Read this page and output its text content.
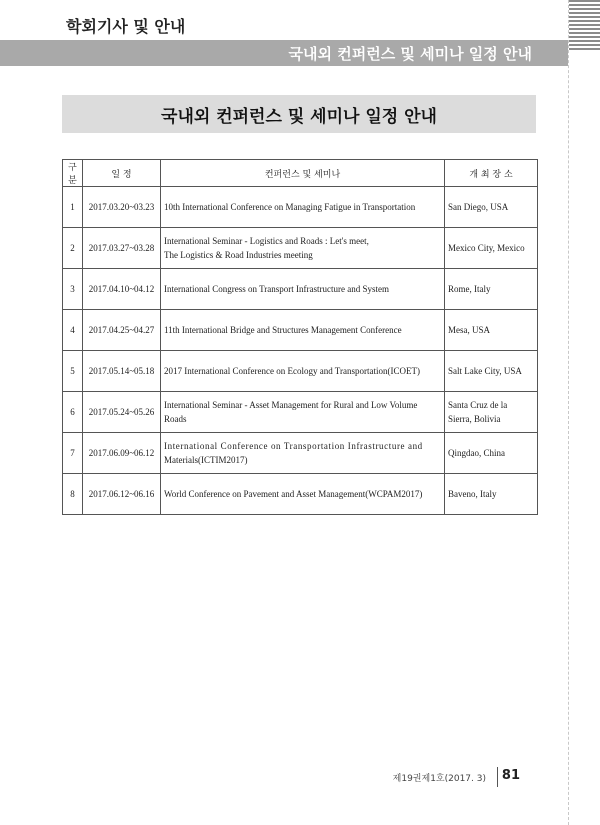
학회기사 및 안내
국내외 컨퍼런스 및 세미나 일정 안내
국내외 컨퍼런스 및 세미나 일정 안내
구분	일 정	컨퍼런스 및 세미나	개 최 장 소
1	2017.03.20~03.23	10th International Conference on Managing Fatigue in Transportation	San Diego, USA
2	2017.03.27~03.28	International Seminar - Logistics and Roads : Let's meet,
The Logistics & Road Industries meeting	Mexico City, Mexico
3	2017.04.10~04.12	International Congress on Transport Infrastructure and System	Rome, Italy
4	2017.04.25~04.27	11th International Bridge and Structures Management Conference	Mesa, USA
5	2017.05.14~05.18	2017 International Conference on Ecology and Transportation(ICOET)	Salt Lake City, USA
6	2017.05.24~05.26	International Seminar - Asset Management for Rural and Low Volume
Roads	Santa Cruz de la
Sierra, Bolivia
7	2017.06.09~06.12	International Conference on Transportation Infrastructure and
Materials(ICTIM2017)	Qingdao, China
8	2017.06.12~06.16	World Conference on Pavement and Asset Management(WCPAM2017)	Baveno, Italy
제19권제1호(2017. 3) 81
